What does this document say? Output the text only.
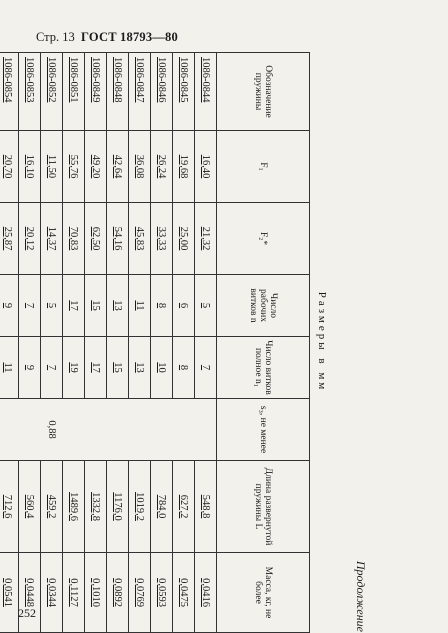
Стр. 13 ГОСТ 18793—80
Продолжение
Размеры в мм
Обозначение пружины	F₁	F₂*	Число рабочих витков n	Число витков полное n₁	s₃, не менее	Длина развернутой пружины L	Масса, кг, не более
1086-0844	16,40	21,32	5	7	0,88	548,8	0,0416
1086-0845	19,68	25,00	6	8		627,2	0,0475
1086-0846	26,24	33,33	8	10		784,0	0,0593
1086-0847	36,08	45,83	11	13		1019,2	0,0769
1086-0848	42,64	54,16	13	15		1176,0	0,0892
1086-0849	49,20	62,50	15	17		1332,8	0,1010
1086-0851	55,76	70,83	17	19		1489,6	0,1127
1086-0852	11,50	14,37	5	7		459,2	0,0344
1086-0853	16,10	20,12	7	9		560,4	0,0448
1086-0854	20,70	25,87	9	11		712,6	0,0541

252
